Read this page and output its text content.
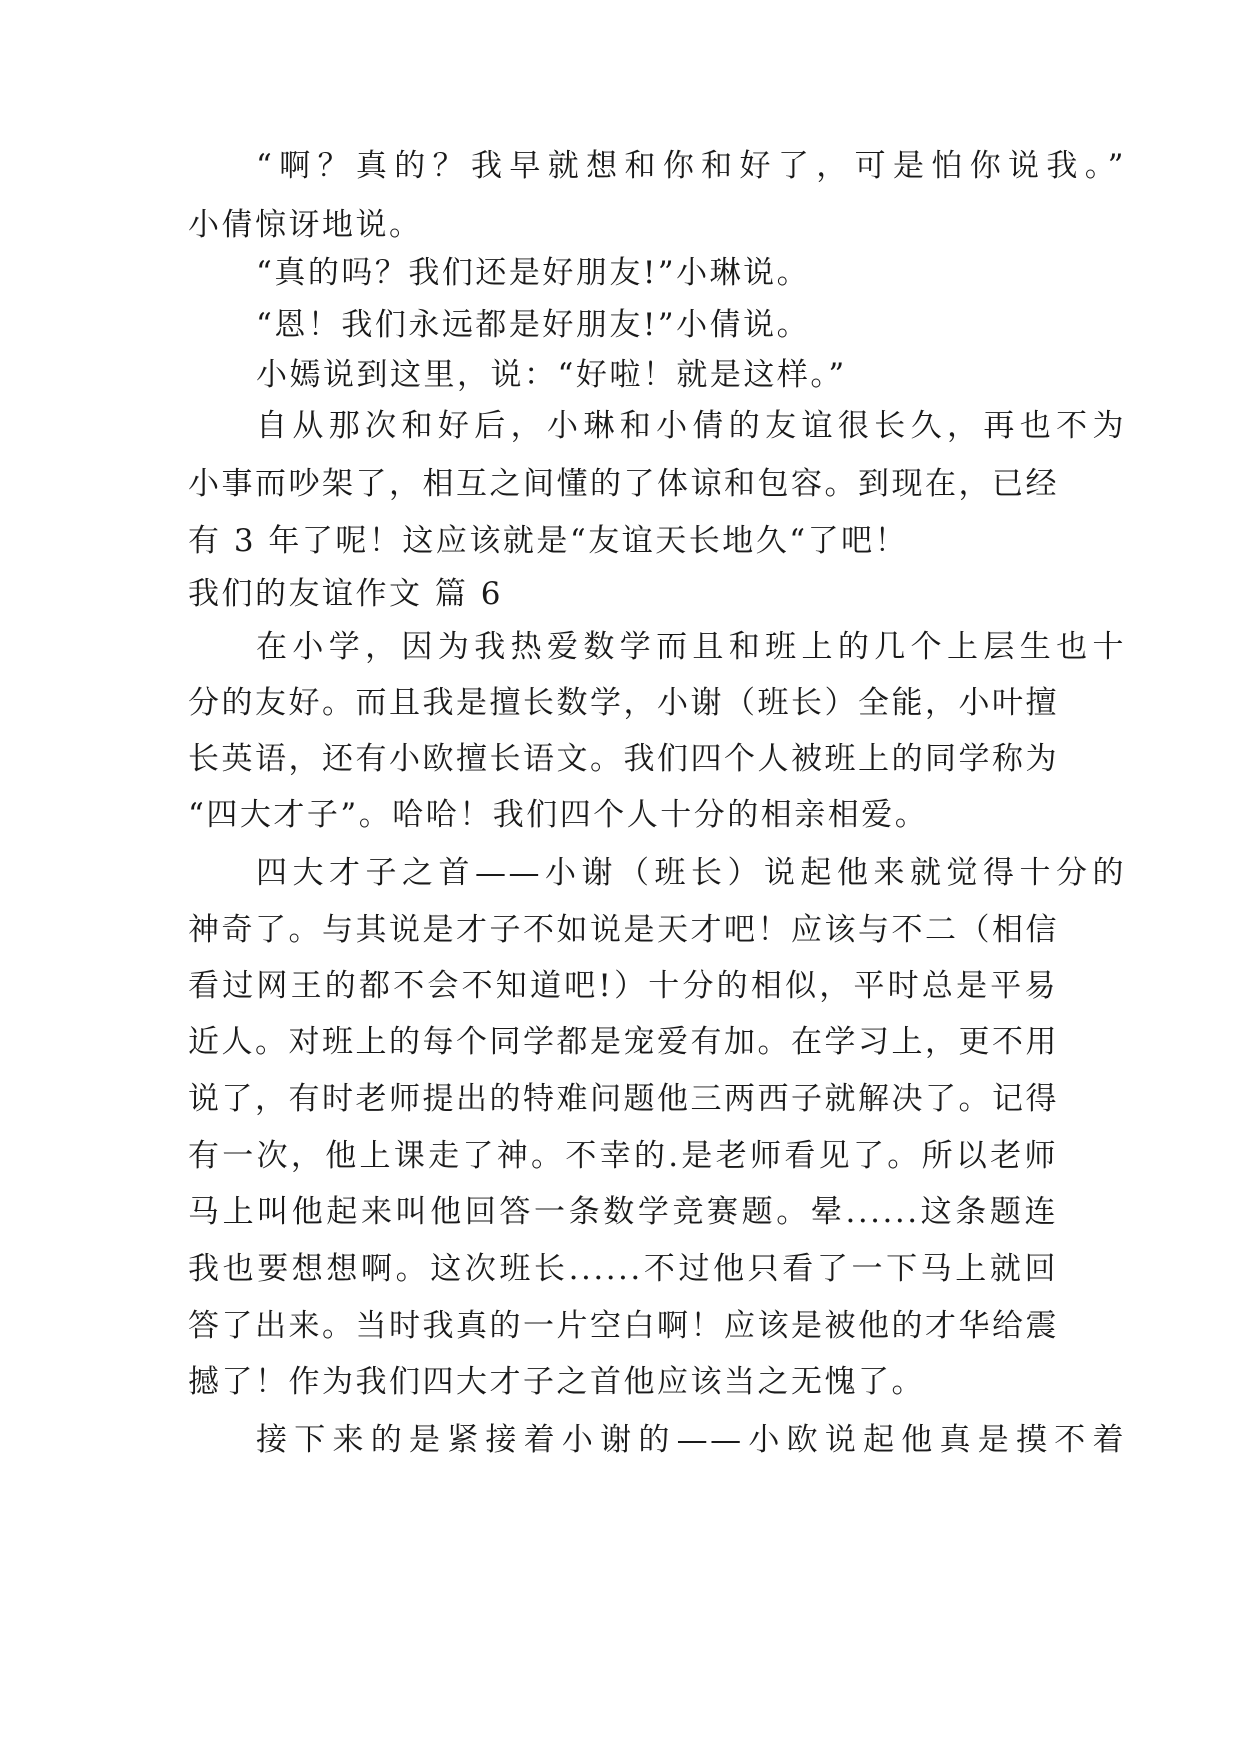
“啊？真的？我早就想和你和好了，可是怕你说我。”
小倩惊讶地说。
“真的吗？我们还是好朋友!”小琳说。
“恩！我们永远都是好朋友!”小倩说。
小嫣说到这里，说：“好啦！就是这样。”
自从那次和好后，小琳和小倩的友谊很长久，再也不为
小事而吵架了，相互之间懂的了体谅和包容。到现在，已经
有 3 年了呢！这应该就是“友谊天长地久“了吧！
我们的友谊作文 篇 6
在小学，因为我热爱数学而且和班上的几个上层生也十
分的友好。而且我是擅长数学，小谢（班长）全能，小叶擅
长英语，还有小欧擅长语文。我们四个人被班上的同学称为
“四大才子”。哈哈！我们四个人十分的相亲相爱。
四大才子之首——小谢（班长）说起他来就觉得十分的
神奇了。与其说是才子不如说是天才吧！应该与不二（相信
看过网王的都不会不知道吧!）十分的相似，平时总是平易
近人。对班上的每个同学都是宠爱有加。在学习上，更不用
说了，有时老师提出的特难问题他三两西子就解决了。记得
有一次，他上课走了神。不幸的.是老师看见了。所以老师
马上叫他起来叫他回答一条数学竞赛题。晕......这条题连
我也要想想啊。这次班长......不过他只看了一下马上就回
答了出来。当时我真的一片空白啊！应该是被他的才华给震
撼了！作为我们四大才子之首他应该当之无愧了。
接下来的是紧接着小谢的——小欧说起他真是摸不着
